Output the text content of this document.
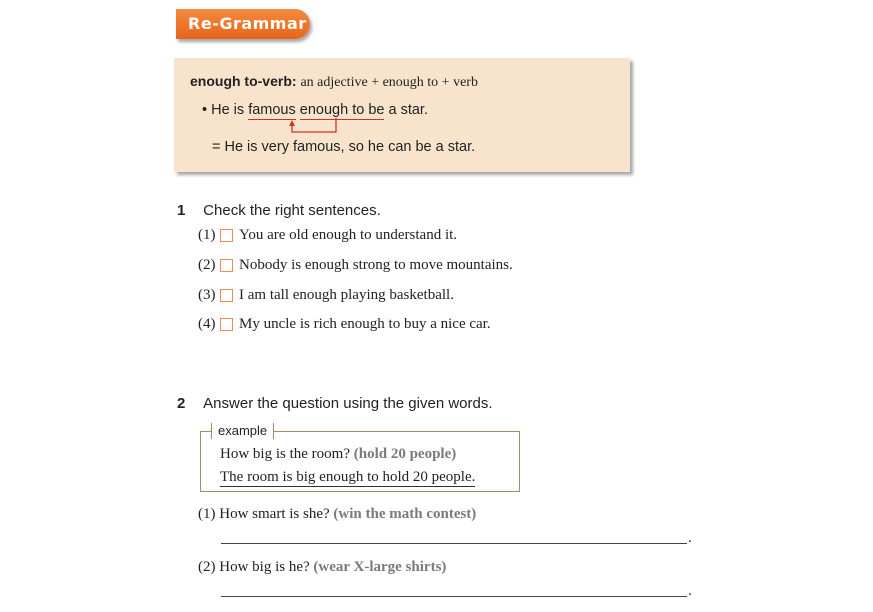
Re-Grammar
enough to-verb: an adjective + enough to + verb
• He is famous enough to be a star.
= He is very famous, so he can be a star.
1 Check the right sentences.
(1)	You are old enough to understand it.
(2)	Nobody is enough strong to move mountains.
(3)	I am tall enough playing basketball.
(4)	My uncle is rich enough to buy a nice car.
2 Answer the question using the given words.
example
How big is the room? (hold 20 people)
The room is big enough to hold 20 people.
(1) How smart is she? (win the math contest)
.
(2) How big is he? (wear X-large shirts)
.
